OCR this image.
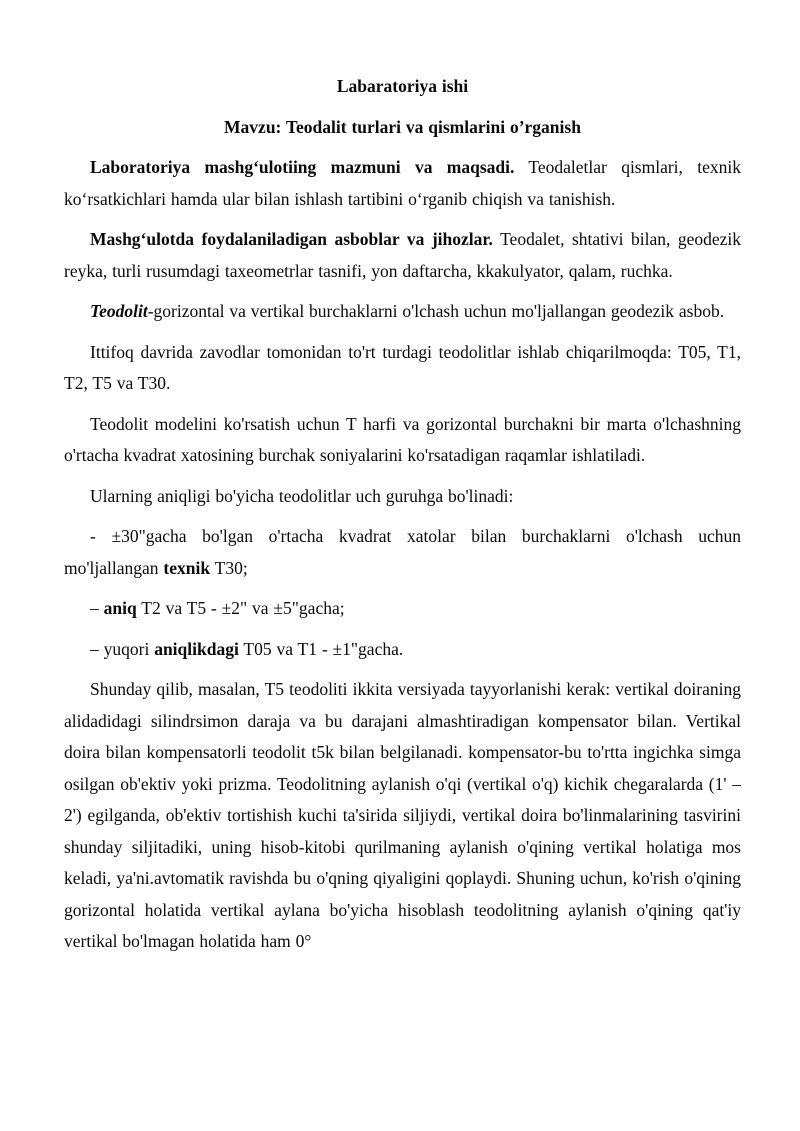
Labaratoriya ishi

Mavzu: Teodalit turlari va qismlarini o’rganish

Laboratoriya mashg‘ulotiing mazmuni va maqsadi. Teodaletlar qismlari, texnik ko‘rsatkichlari hamda ular bilan ishlash tartibini o‘rganib chiqish va tanishish.

Mashg‘ulotda foydalaniladigan asboblar va jihozlar. Teodalet, shtativi bilan, geodezik reyka, turli rusumdagi taxeometrlar tasnifi, yon daftarcha, kkakulyator, qalam, ruchka.

Teodolit-gorizontal va vertikal burchaklarni o'lchash uchun mo'ljallangan geodezik asbob.

Ittifoq davrida zavodlar tomonidan to'rt turdagi teodolitlar ishlab chiqarilmoqda: T05, T1, T2, T5 va T30.

Teodolit modelini ko'rsatish uchun T harfi va gorizontal burchakni bir marta o'lchashning o'rtacha kvadrat xatosining burchak soniyalarini ko'rsatadigan raqamlar ishlatiladi.

Ularning aniqligi bo'yicha teodolitlar uch guruhga bo'linadi:

- ±30"gacha bo'lgan o'rtacha kvadrat xatolar bilan burchaklarni o'lchash uchun mo'ljallangan texnik T30;

– aniq T2 va T5 - ±2" va ±5"gacha;

– yuqori aniqlikdagi T05 va T1 - ±1"gacha.

Shunday qilib, masalan, T5 teodoliti ikkita versiyada tayyorlanishi kerak: vertikal doiraning alidadidagi silindrsimon daraja va bu darajani almashtiradigan kompensator bilan. Vertikal doira bilan kompensatorli teodolit t5k bilan belgilanadi. kompensator-bu to'rtta ingichka simga osilgan ob'ektiv yoki prizma. Teodolitning aylanish o'qi (vertikal o'q) kichik chegaralarda (1' – 2') egilganda, ob'ektiv tortishish kuchi ta'sirida siljiydi, vertikal doira bo'linmalarining tasvirini shunday siljitadiki, uning hisob-kitobi qurilmaning aylanish o'qining vertikal holatiga mos keladi, ya'ni.avtomatik ravishda bu o'qning qiyaligini qoplaydi. Shuning uchun, ko'rish o'qining gorizontal holatida vertikal aylana bo'yicha hisoblash teodolitning aylanish o'qining qat'iy vertikal bo'lmagan holatida ham 0°
